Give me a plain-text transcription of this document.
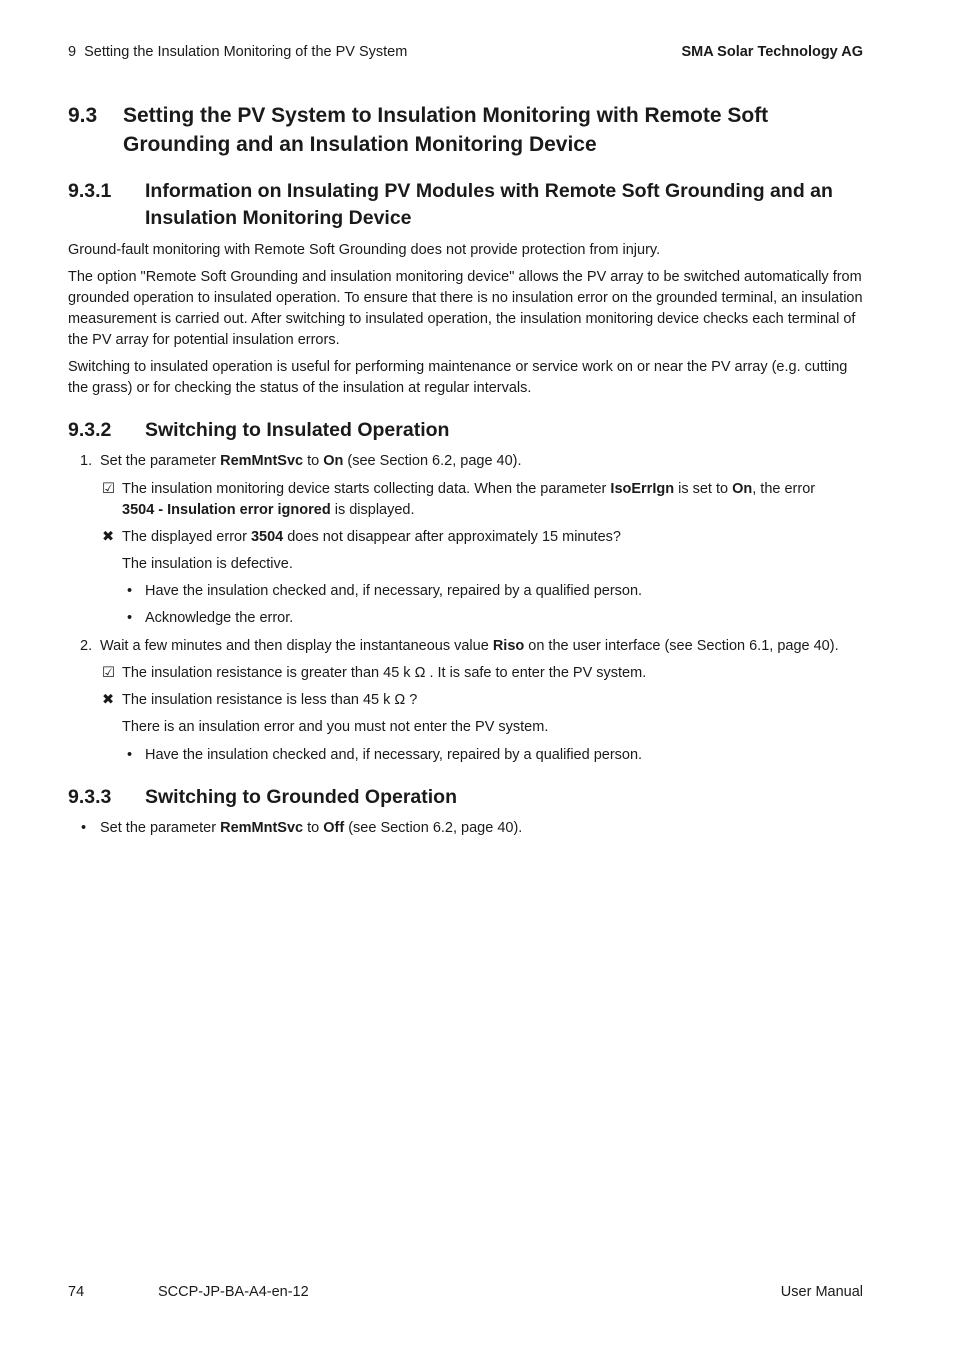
9  Setting the Insulation Monitoring of the PV System	SMA Solar Technology AG
9.3 Setting the PV System to Insulation Monitoring with Remote Soft
Grounding and an Insulation Monitoring Device
9.3.1 Information on Insulating PV Modules with Remote Soft Grounding and an
Insulation Monitoring Device
Ground-fault monitoring with Remote Soft Grounding does not provide protection from injury.
The option "Remote Soft Grounding and insulation monitoring device" allows the PV array to be switched automatically from grounded operation to insulated operation. To ensure that there is no insulation error on the grounded terminal, an insulation measurement is carried out. After switching to insulated operation, the insulation monitoring device checks each terminal of the PV array for potential insulation errors.
Switching to insulated operation is useful for performing maintenance or service work on or near the PV array (e.g. cutting the grass) or for checking the status of the insulation at regular intervals.
9.3.2 Switching to Insulated Operation
1. Set the parameter RemMntSvc to On (see Section 6.2, page 40).
☑ The insulation monitoring device starts collecting data. When the parameter IsoErrIgn is set to On, the error
3504 - Insulation error ignored is displayed.
✖ The displayed error 3504 does not disappear after approximately 15 minutes?
The insulation is defective.
• Have the insulation checked and, if necessary, repaired by a qualified person.
• Acknowledge the error.
2. Wait a few minutes and then display the instantaneous value Riso on the user interface (see Section 6.1, page 40).
☑ The insulation resistance is greater than 45 k Ω . It is safe to enter the PV system.
✖ The insulation resistance is less than 45 k Ω ?
There is an insulation error and you must not enter the PV system.
• Have the insulation checked and, if necessary, repaired by a qualified person.
9.3.3 Switching to Grounded Operation
• Set the parameter RemMntSvc to Off (see Section 6.2, page 40).
74	SCCP-JP-BA-A4-en-12	User Manual
